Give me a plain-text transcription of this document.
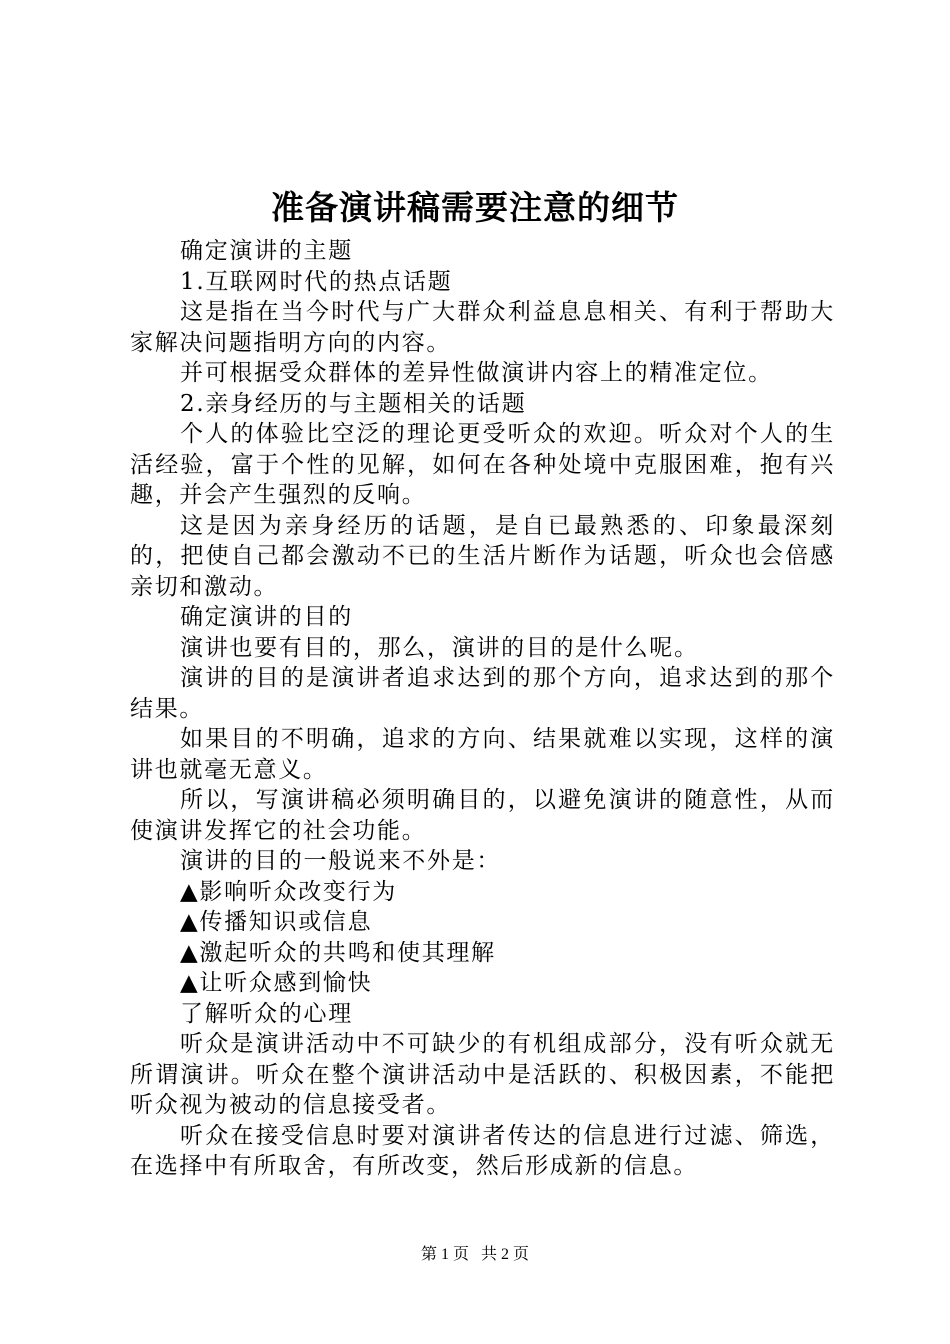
准备演讲稿需要注意的细节

确定演讲的主题

1.互联网时代的热点话题

这是指在当今时代与广大群众利益息息相关、有利于帮助大家解决问题指明方向的内容。

并可根据受众群体的差异性做演讲内容上的精准定位。

2.亲身经历的与主题相关的话题

个人的体验比空泛的理论更受听众的欢迎。听众对个人的生活经验，富于个性的见解，如何在各种处境中克服困难，抱有兴趣，并会产生强烈的反响。

这是因为亲身经历的话题，是自已最熟悉的、印象最深刻的，把使自己都会激动不已的生活片断作为话题，听众也会倍感亲切和激动。

确定演讲的目的

演讲也要有目的，那么，演讲的目的是什么呢。

演讲的目的是演讲者追求达到的那个方向，追求达到的那个结果。

如果目的不明确，追求的方向、结果就难以实现，这样的演讲也就毫无意义。

所以，写演讲稿必须明确目的，以避免演讲的随意性，从而使演讲发挥它的社会功能。

演讲的目的一般说来不外是：

▲影响听众改变行为

▲传播知识或信息

▲激起听众的共鸣和使其理解

▲让听众感到愉快

了解听众的心理

听众是演讲活动中不可缺少的有机组成部分，没有听众就无所谓演讲。听众在整个演讲活动中是活跃的、积极因素，不能把听众视为被动的信息接受者。

听众在接受信息时要对演讲者传达的信息进行过滤、筛选，在选择中有所取舍，有所改变，然后形成新的信息。

第 1 页   共 2 页
